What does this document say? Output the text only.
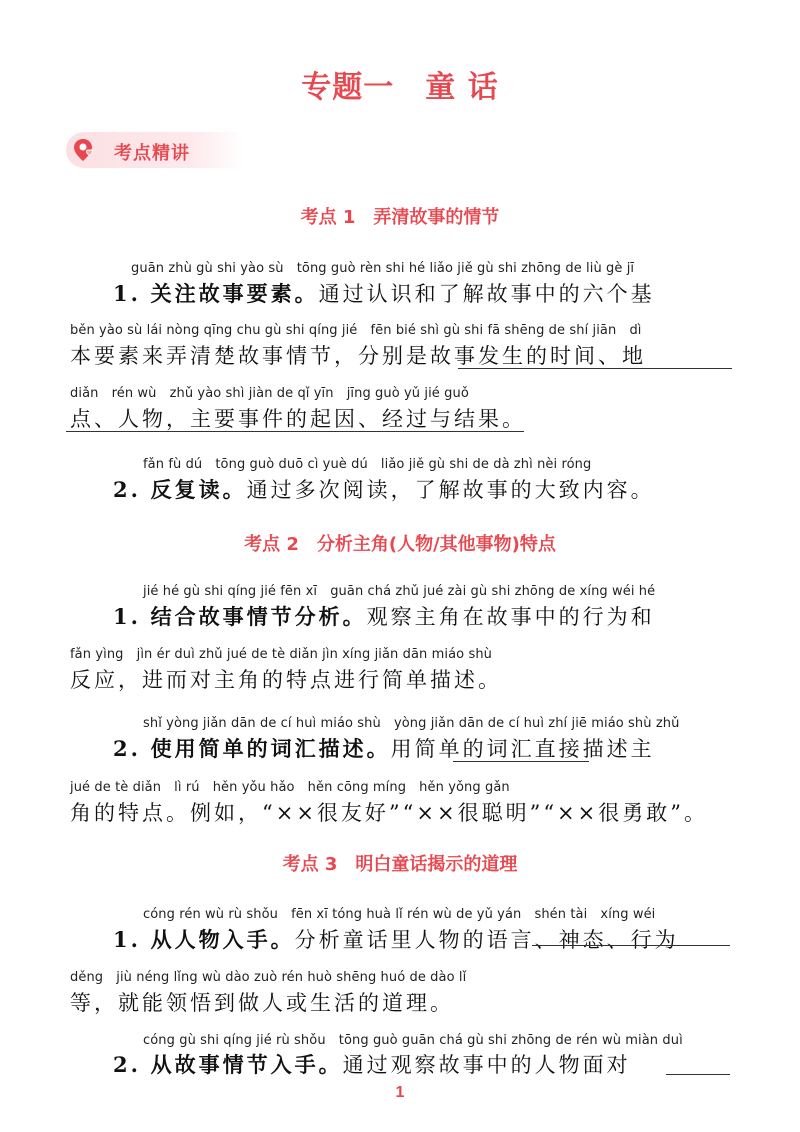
专题一　童 话
考点精讲
考点 1　弄清故事的情节
guān zhù gù shi yào sù　tōng guò rèn shi hé liǎo jiě gù shi zhōng de liù gè jī
1. 关注故事要素。通过认识和了解故事中的六个基
běn yào sù lái nòng qīng chu gù shi qíng jié　fēn bié shì gù shi fā shēng de shí jiān　dì
本要素来弄清楚故事情节，分别是故事发生的时间、地
diǎn　rén wù　zhǔ yào shì jiàn de qǐ yīn　jīng guò yǔ jié guǒ
点、人物，主要事件的起因、经过与结果。
fǎn fù dú　tōng guò duō cì yuè dú　liǎo jiě gù shi de dà zhì nèi róng
2. 反复读。通过多次阅读，了解故事的大致内容。
考点 2　分析主角(人物/其他事物)特点
jié hé gù shi qíng jié fēn xī　guān chá zhǔ jué zài gù shi zhōng de xíng wéi hé
1. 结合故事情节分析。观察主角在故事中的行为和
fǎn yìng　jìn ér duì zhǔ jué de tè diǎn jìn xíng jiǎn dān miáo shù
反应，进而对主角的特点进行简单描述。
shǐ yòng jiǎn dān de cí huì miáo shù　yòng jiǎn dān de cí huì zhí jiē miáo shù zhǔ
2. 使用简单的词汇描述。用简单的词汇直接描述主
jué de tè diǎn　lì rú　hěn yǒu hǎo　hěn cōng míng　hěn yǒng gǎn
角的特点。例如，“××很友好”“××很聪明”“××很勇敢”。
考点 3　明白童话揭示的道理
cóng rén wù rù shǒu　fēn xī tóng huà lǐ rén wù de yǔ yán　shén tài　xíng wéi
1. 从人物入手。分析童话里人物的语言、神态、行为
děng　jiù néng lǐng wù dào zuò rén huò shēng huó de dào lǐ
等，就能领悟到做人或生活的道理。
cóng gù shi qíng jié rù shǒu　tōng guò guān chá gù shi zhōng de rén wù miàn duì
2. 从故事情节入手。通过观察故事中的人物面对
1
